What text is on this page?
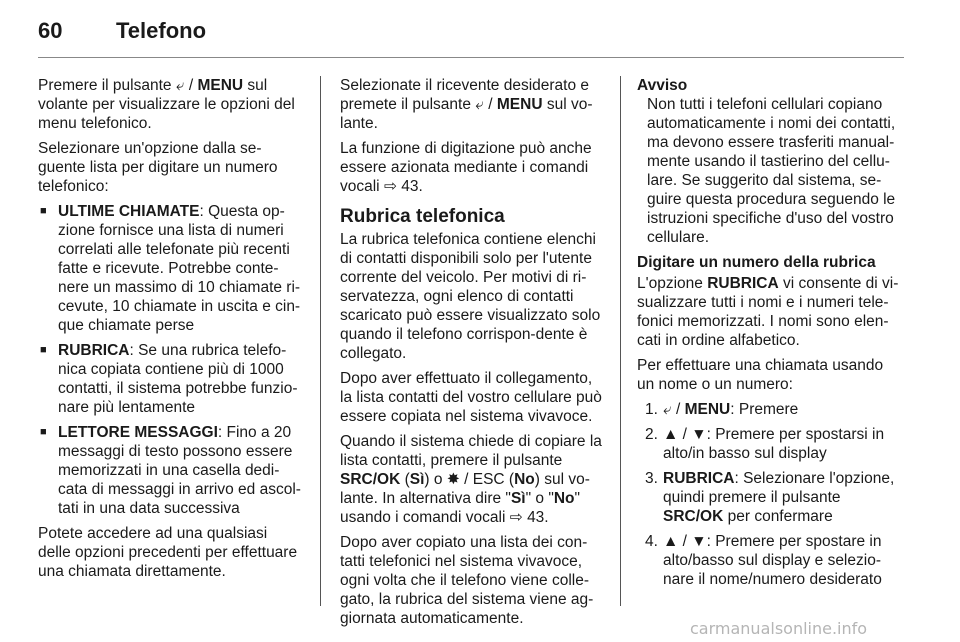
60 Telefono

Premere il pulsante ⤶ / MENU sul volante per visualizzare le opzioni del menu telefonico.

Selezionare un'opzione dalla se-guente lista per digitare un numero telefonico:

■ ULTIME CHIAMATE: Questa op-zione fornisce una lista di numeri correlati alle telefonate più recenti fatte e ricevute. Potrebbe conte-nere un massimo di 10 chiamate ri-cevute, 10 chiamate in uscita e cin-que chiamate perse
■ RUBRICA: Se una rubrica telefo-nica copiata contiene più di 1000 contatti, il sistema potrebbe funzio-nare più lentamente
■ LETTORE MESSAGGI: Fino a 20 messaggi di testo possono essere memorizzati in una casella dedi-cata di messaggi in arrivo ed ascol-tati in una data successiva

Potete accedere ad una qualsiasi delle opzioni precedenti per effettuare una chiamata direttamente.

Selezionate il ricevente desiderato e premete il pulsante ⤶ / MENU sul vo-lante.

La funzione di digitazione può anche essere azionata mediante i comandi vocali ⇨ 43.

Rubrica telefonica

La rubrica telefonica contiene elenchi di contatti disponibili solo per l'utente corrente del veicolo. Per motivi di ri-servatezza, ogni elenco di contatti scaricato può essere visualizzato solo quando il telefono corrispon-dente è collegato.

Dopo aver effettuato il collegamento, la lista contatti del vostro cellulare può essere copiata nel sistema vivavoce.

Quando il sistema chiede di copiare la lista contatti, premere il pulsante SRC/OK (Sì) o ✸ / ESC (No) sul vo-lante. In alternativa dire "Sì" o "No" usando i comandi vocali ⇨ 43.

Dopo aver copiato una lista dei con-tatti telefonici nel sistema vivavoce, ogni volta che il telefono viene colle-gato, la rubrica del sistema viene ag-giornata automaticamente.

Avviso

Non tutti i telefoni cellulari copiano automaticamente i nomi dei contatti, ma devono essere trasferiti manual-mente usando il tastierino del cellu-lare. Se suggerito dal sistema, se-guire questa procedura seguendo le istruzioni specifiche d'uso del vostro cellulare.

Digitare un numero della rubrica

L'opzione RUBRICA vi consente di vi-sualizzare tutti i nomi e i numeri tele-fonici memorizzati. I nomi sono elen-cati in ordine alfabetico.

Per effettuare una chiamata usando un nome o un numero:

1. ⤶ / MENU: Premere
2. ▲ / ▼: Premere per spostarsi in alto/in basso sul display
3. RUBRICA: Selezionare l'opzione, quindi premere il pulsante SRC/OK per confermare
4. ▲ / ▼: Premere per spostare in alto/basso sul display e selezio-nare il nome/numero desiderato
carmanualsonline.info
